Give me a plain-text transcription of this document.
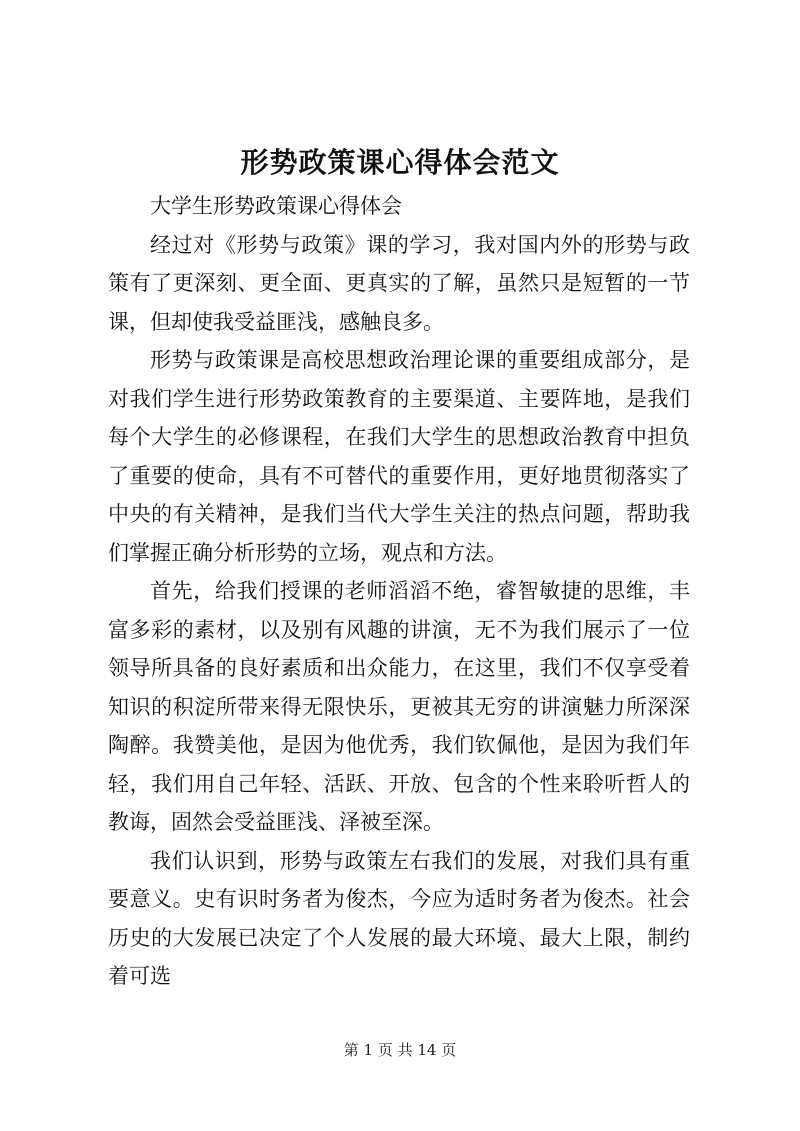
形势政策课心得体会范文

大学生形势政策课心得体会

经过对《形势与政策》课的学习，我对国内外的形势与政策有了更深刻、更全面、更真实的了解，虽然只是短暂的一节课，但却使我受益匪浅，感触良多。

形势与政策课是高校思想政治理论课的重要组成部分，是对我们学生进行形势政策教育的主要渠道、主要阵地，是我们每个大学生的必修课程，在我们大学生的思想政治教育中担负了重要的使命，具有不可替代的重要作用，更好地贯彻落实了中央的有关精神，是我们当代大学生关注的热点问题，帮助我们掌握正确分析形势的立场，观点和方法。

首先，给我们授课的老师滔滔不绝，睿智敏捷的思维，丰富多彩的素材，以及别有风趣的讲演，无不为我们展示了一位领导所具备的良好素质和出众能力，在这里，我们不仅享受着知识的积淀所带来得无限快乐，更被其无穷的讲演魅力所深深陶醉。我赞美他，是因为他优秀，我们钦佩他，是因为我们年轻，我们用自己年轻、活跃、开放、包含的个性来聆听哲人的教诲，固然会受益匪浅、泽被至深。

我们认识到，形势与政策左右我们的发展，对我们具有重要意义。史有识时务者为俊杰，今应为适时务者为俊杰。社会历史的大发展已决定了个人发展的最大环境、最大上限，制约着可选

第 1 页 共 14 页
